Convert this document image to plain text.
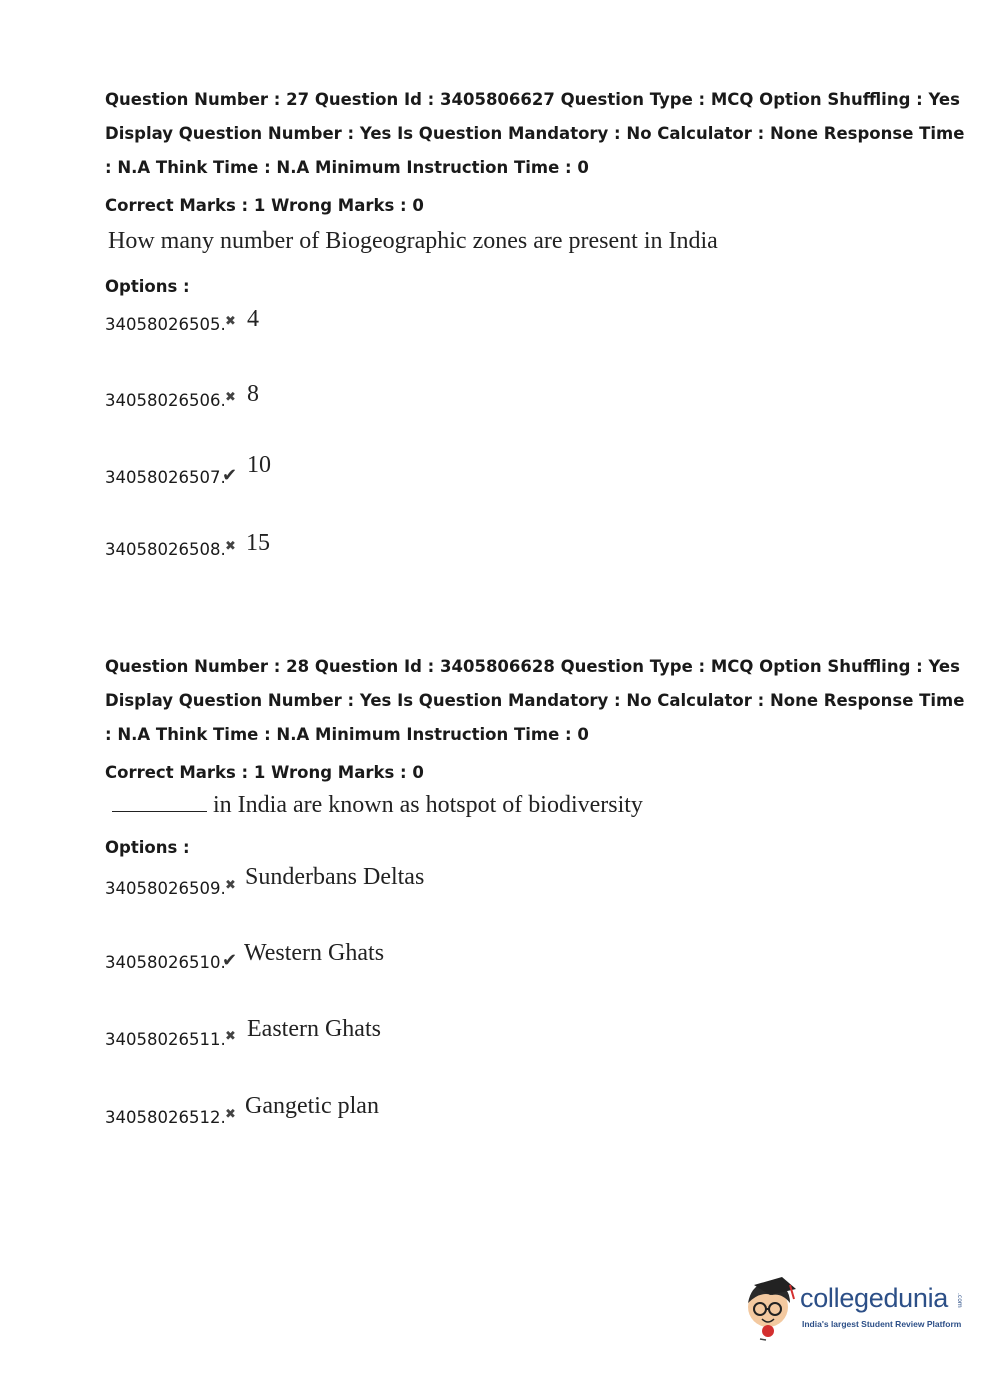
Question Number : 27 Question Id : 3405806627 Question Type : MCQ Option Shuffling : Yes
Display Question Number : Yes Is Question Mandatory : No Calculator : None Response Time
: N.A Think Time : N.A Minimum Instruction Time : 0
Correct Marks : 1 Wrong Marks : 0
How many number of Biogeographic zones are present in India
Options :
34058026505. ✖ 4
34058026506. ✖ 8
34058026507.
✔ 10
34058026508. ✖ 15
Question Number : 28 Question Id : 3405806628 Question Type : MCQ Option Shuffling : Yes
Display Question Number : Yes Is Question Mandatory : No Calculator : None Response Time
: N.A Think Time : N.A Minimum Instruction Time : 0
Correct Marks : 1 Wrong Marks : 0
in India are known as hotspot of biodiversity
Options :
34058026509. ✖ Sunderbans Deltas
34058026510.
✔ Western Ghats
34058026511. ✖ Eastern Ghats
34058026512. ✖ Gangetic plan
collegedunia .com
India's largest Student Review Platform
